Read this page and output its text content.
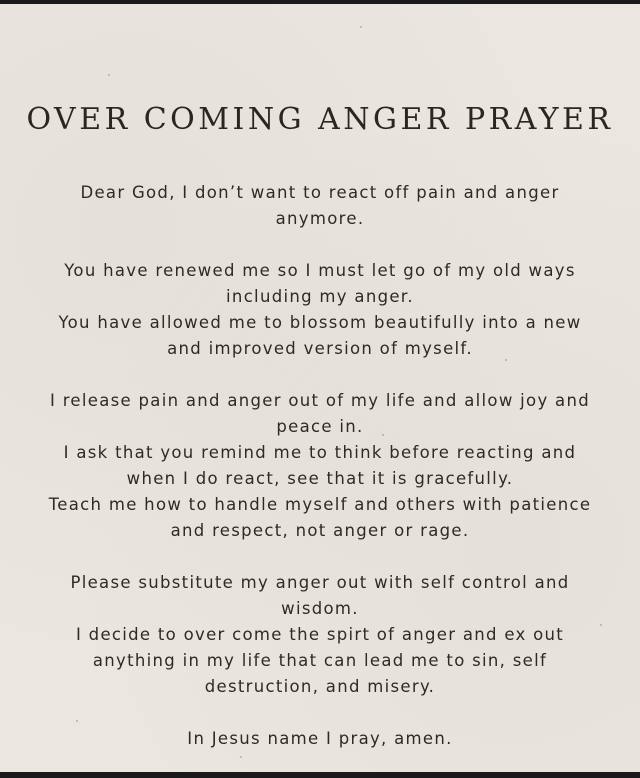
OVER COMING ANGER PRAYER

Dear God, I don’t want to react off pain and anger
anymore.

You have renewed me so I must let go of my old ways
including my anger.
You have allowed me to blossom beautifully into a new
and improved version of myself.

I release pain and anger out of my life and allow joy and
peace in.
I ask that you remind me to think before reacting and
when I do react, see that it is gracefully.
Teach me how to handle myself and others with patience
and respect, not anger or rage.

Please substitute my anger out with self control and
wisdom.
I decide to over come the spirt of anger and ex out
anything in my life that can lead me to sin, self
destruction, and misery.

In Jesus name I pray, amen.
